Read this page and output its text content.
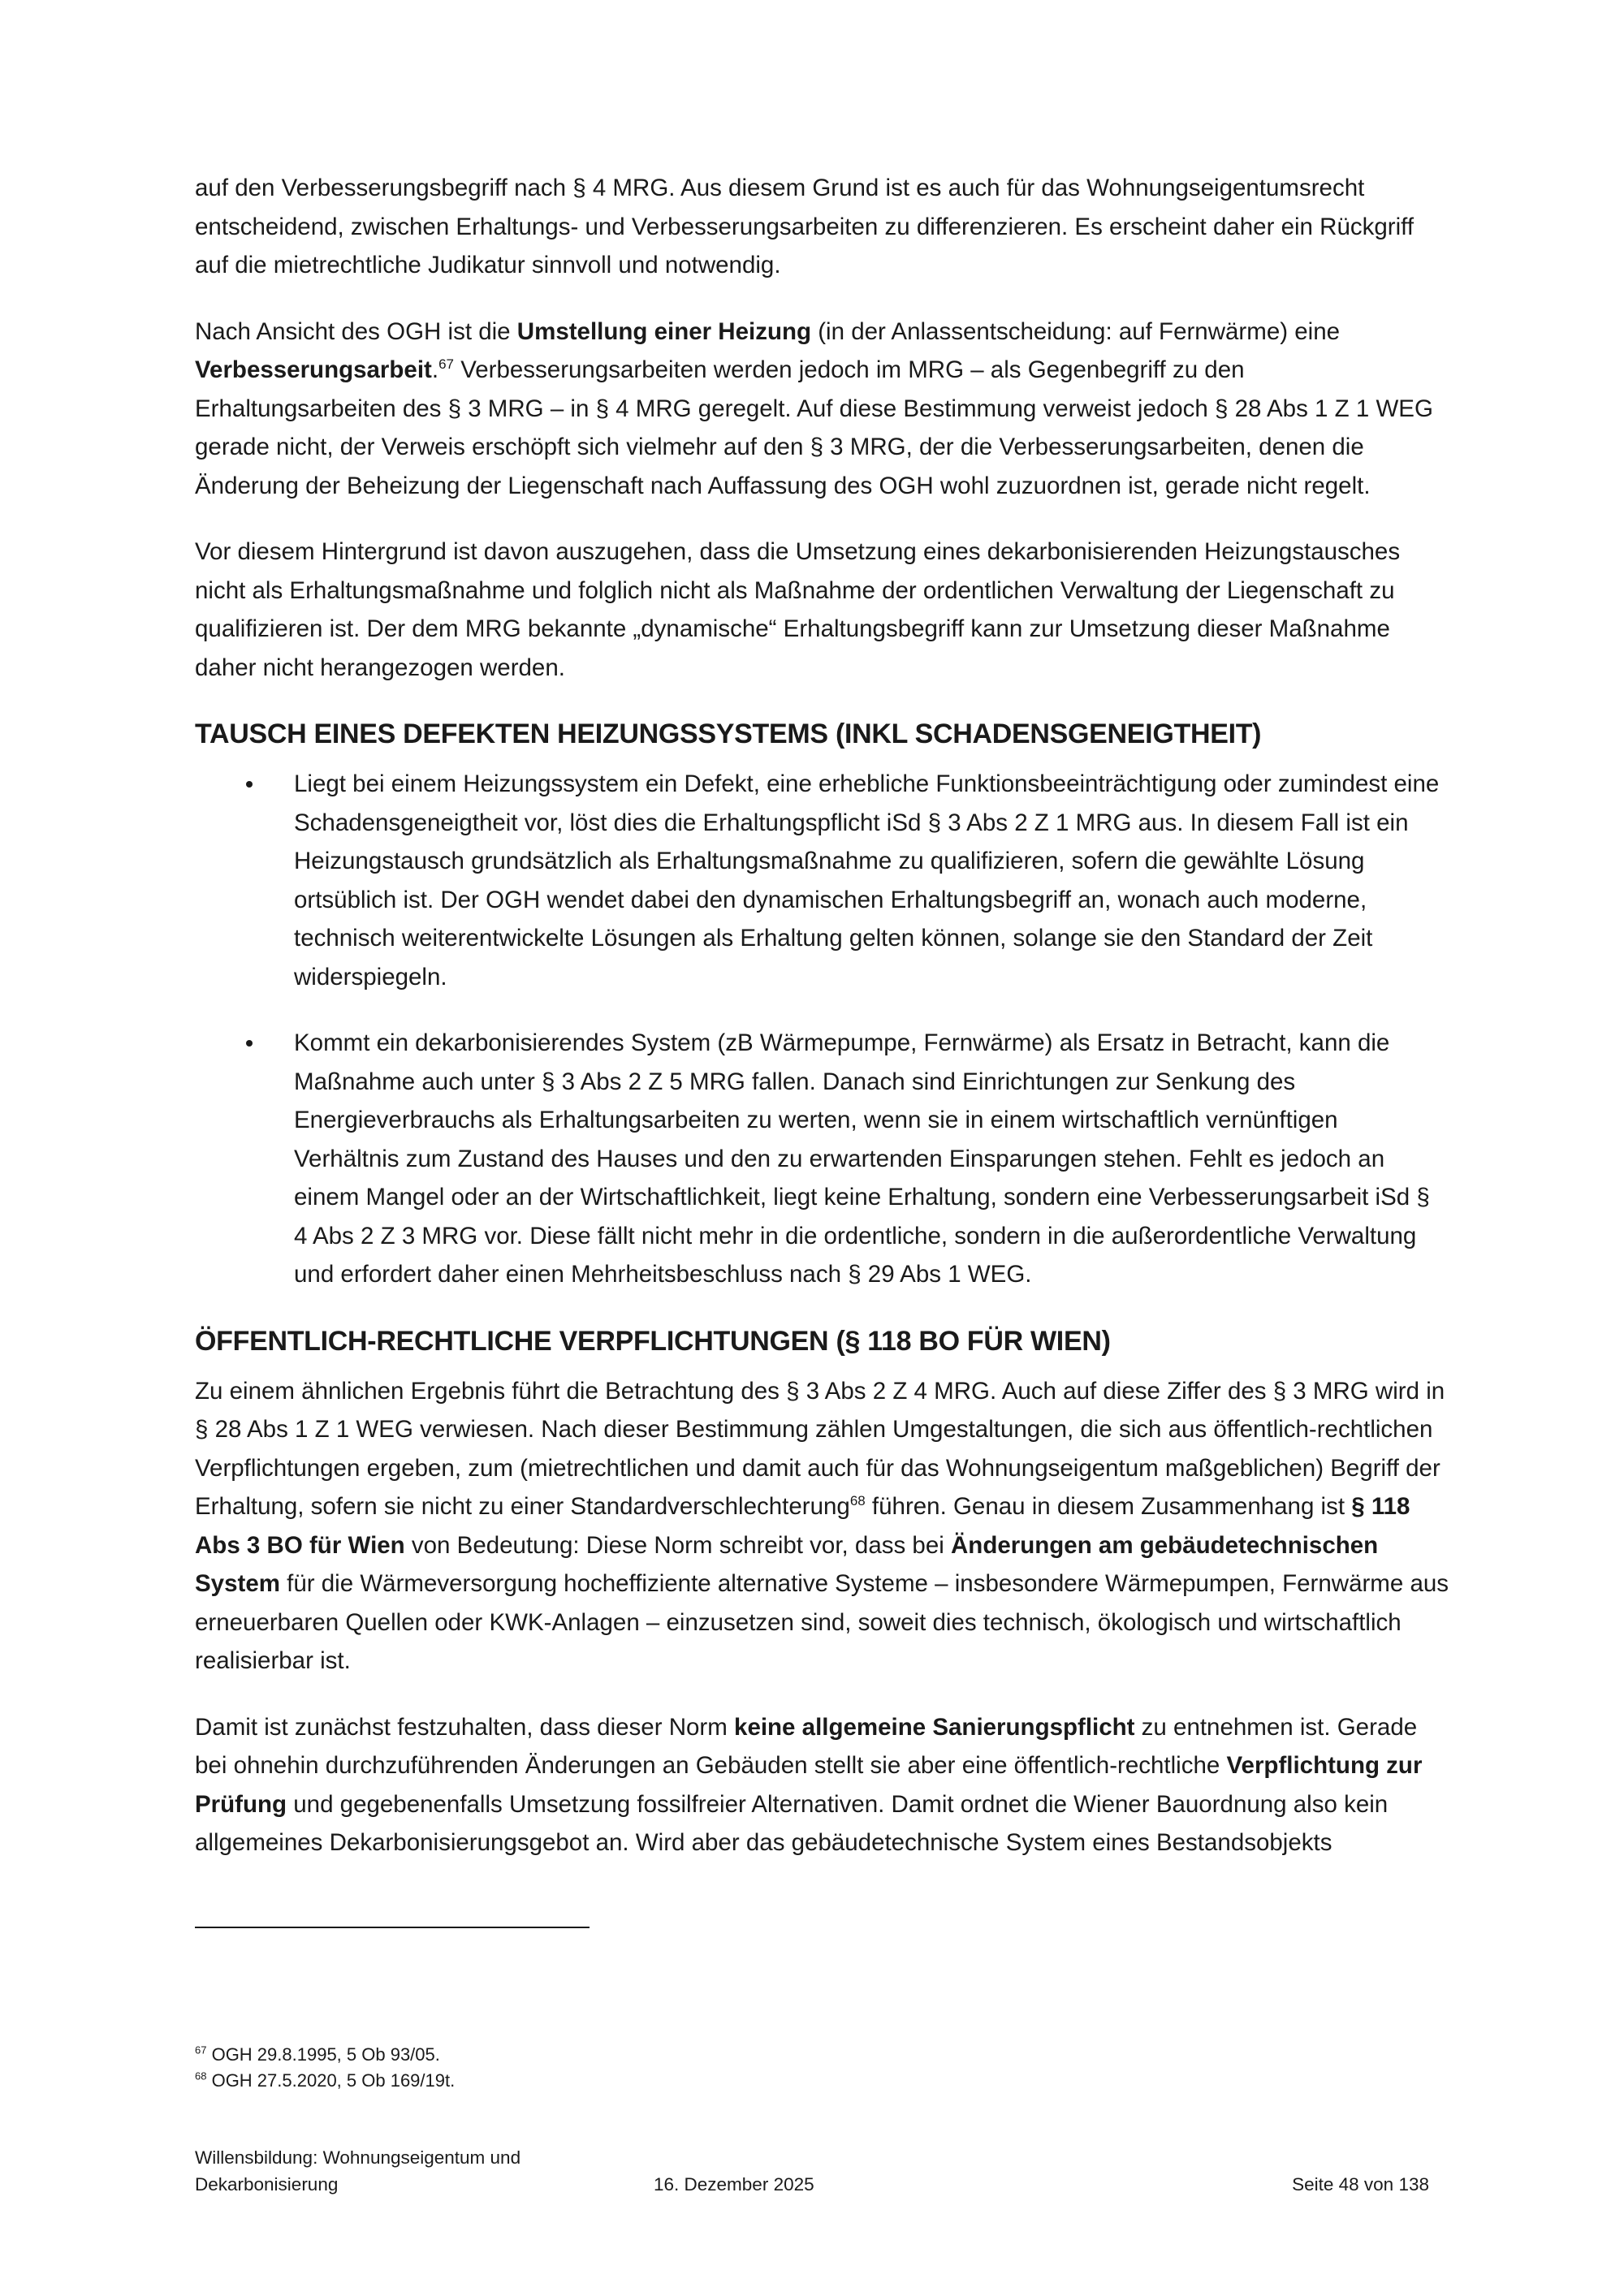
auf den Verbesserungsbegriff nach § 4 MRG. Aus diesem Grund ist es auch für das Wohnungseigentumsrecht entscheidend, zwischen Erhaltungs- und Verbesserungsarbeiten zu differenzieren. Es erscheint daher ein Rückgriff auf die mietrechtliche Judikatur sinnvoll und notwendig.

Nach Ansicht des OGH ist die Umstellung einer Heizung (in der Anlassentscheidung: auf Fernwärme) eine Verbesserungsarbeit.$^{67}$ Verbesserungsarbeiten werden jedoch im MRG – als Gegenbegriff zu den Erhaltungsarbeiten des § 3 MRG – in § 4 MRG geregelt. Auf diese Bestimmung verweist jedoch § 28 Abs 1 Z 1 WEG gerade nicht, der Verweis erschöpft sich vielmehr auf den § 3 MRG, der die Verbesserungsarbeiten, denen die Änderung der Beheizung der Liegenschaft nach Auffassung des OGH wohl zuzuordnen ist, gerade nicht regelt.

Vor diesem Hintergrund ist davon auszugehen, dass die Umsetzung eines dekarbonisierenden Heizungstausches nicht als Erhaltungsmaßnahme und folglich nicht als Maßnahme der ordentlichen Verwaltung der Liegenschaft zu qualifizieren ist. Der dem MRG bekannte „dynamische“ Erhaltungsbegriff kann zur Umsetzung dieser Maßnahme daher nicht herangezogen werden.

TAUSCH EINES DEFEKTEN HEIZUNGSSYSTEMS (INKL SCHADENSGENEIGTHEIT)
Liegt bei einem Heizungssystem ein Defekt, eine erhebliche Funktionsbeeinträchtigung oder zumindest eine Schadensgeneigtheit vor, löst dies die Erhaltungspflicht iSd § 3 Abs 2 Z 1 MRG aus. In diesem Fall ist ein Heizungstausch grundsätzlich als Erhaltungsmaßnahme zu qualifizieren, sofern die gewählte Lösung ortsüblich ist. Der OGH wendet dabei den dynamischen Erhaltungsbegriff an, wonach auch moderne, technisch weiterentwickelte Lösungen als Erhaltung gelten können, solange sie den Standard der Zeit widerspiegeln.
Kommt ein dekarbonisierendes System (zB Wärmepumpe, Fernwärme) als Ersatz in Betracht, kann die Maßnahme auch unter § 3 Abs 2 Z 5 MRG fallen. Danach sind Einrichtungen zur Senkung des Energieverbrauchs als Erhaltungsarbeiten zu werten, wenn sie in einem wirtschaftlich vernünftigen Verhältnis zum Zustand des Hauses und den zu erwartenden Einsparungen stehen. Fehlt es jedoch an einem Mangel oder an der Wirtschaftlichkeit, liegt keine Erhaltung, sondern eine Verbesserungsarbeit iSd § 4 Abs 2 Z 3 MRG vor. Diese fällt nicht mehr in die ordentliche, sondern in die außerordentliche Verwaltung und erfordert daher einen Mehrheitsbeschluss nach § 29 Abs 1 WEG.
ÖFFENTLICH-RECHTLICHE VERPFLICHTUNGEN (§ 118 BO FÜR WIEN)

Zu einem ähnlichen Ergebnis führt die Betrachtung des § 3 Abs 2 Z 4 MRG. Auch auf diese Ziffer des § 3 MRG wird in § 28 Abs 1 Z 1 WEG verwiesen. Nach dieser Bestimmung zählen Umgestaltungen, die sich aus öffentlich-rechtlichen Verpflichtungen ergeben, zum (mietrechtlichen und damit auch für das Wohnungseigentum maßgeblichen) Begriff der Erhaltung, sofern sie nicht zu einer Standardverschlechterung$^{68}$ führen. Genau in diesem Zusammenhang ist § 118 Abs 3 BO für Wien von Bedeutung: Diese Norm schreibt vor, dass bei Änderungen am gebäudetechnischen System für die Wärmeversorgung hocheffiziente alternative Systeme – insbesondere Wärmepumpen, Fernwärme aus erneuerbaren Quellen oder KWK-Anlagen – einzusetzen sind, soweit dies technisch, ökologisch und wirtschaftlich realisierbar ist.

Damit ist zunächst festzuhalten, dass dieser Norm keine allgemeine Sanierungspflicht zu entnehmen ist. Gerade bei ohnehin durchzuführenden Änderungen an Gebäuden stellt sie aber eine öffentlich-rechtliche Verpflichtung zur Prüfung und gegebenenfalls Umsetzung fossilfreier Alternativen. Damit ordnet die Wiener Bauordnung also kein allgemeines Dekarbonisierungsgebot an. Wird aber das gebäudetechnische System eines Bestandsobjekts

$^{67}$ OGH 29.8.1995, 5 Ob 93/05.
$^{68}$ OGH 27.5.2020, 5 Ob 169/19t.
Willensbildung: Wohnungseigentum und
Dekarbonisierung	16. Dezember 2025	Seite 48 von 138
